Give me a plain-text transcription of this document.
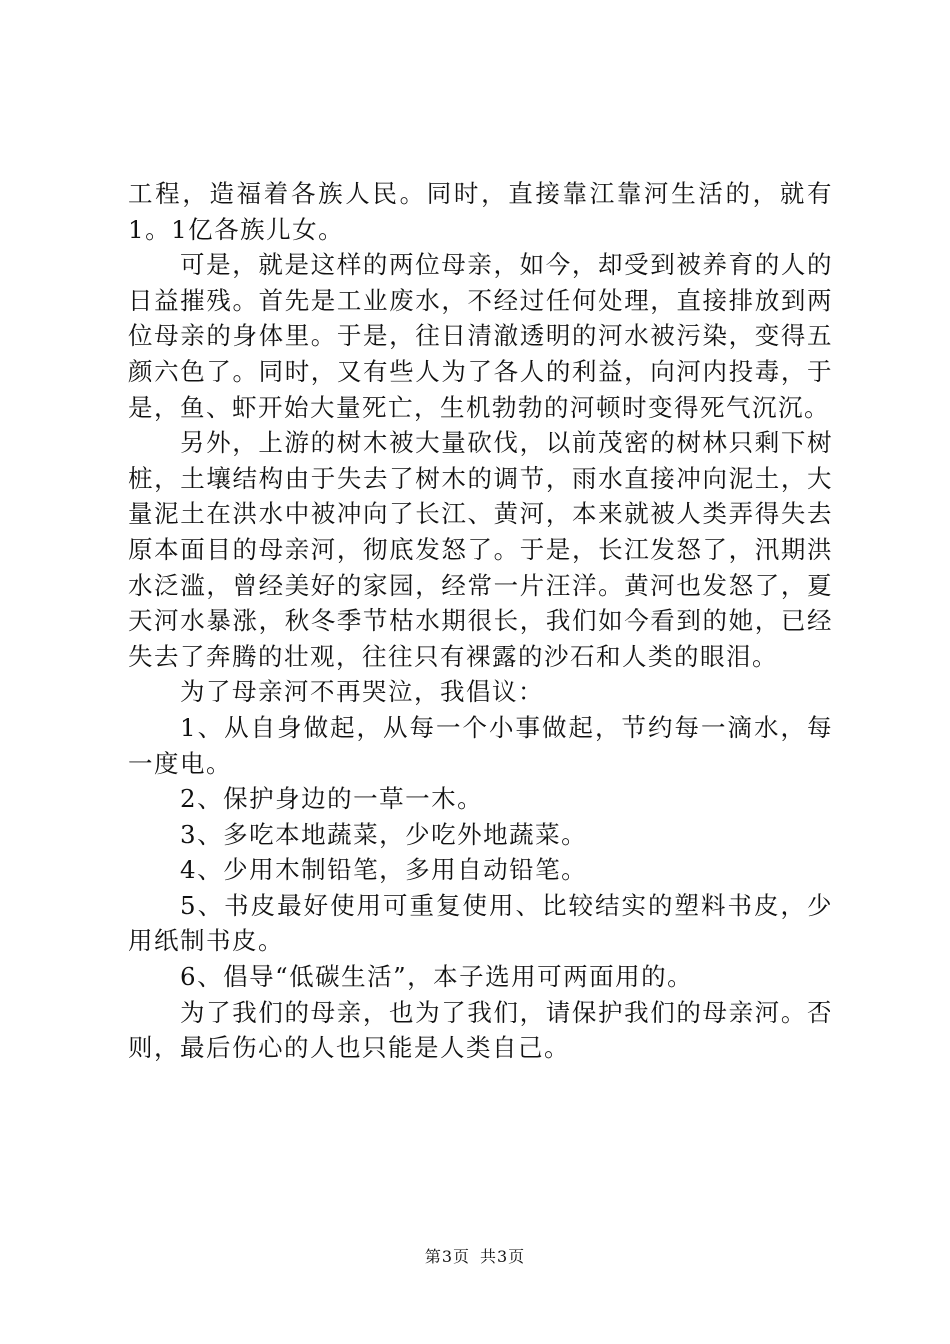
工程，造福着各族人民。同时，直接靠江靠河生活的，就有1。1亿各族儿女。

可是，就是这样的两位母亲，如今，却受到被养育的人的日益摧残。首先是工业废水，不经过任何处理，直接排放到两位母亲的身体里。于是，往日清澈透明的河水被污染，变得五颜六色了。同时，又有些人为了各人的利益，向河内投毒，于是，鱼、虾开始大量死亡，生机勃勃的河顿时变得死气沉沉。

另外，上游的树木被大量砍伐，以前茂密的树林只剩下树桩，土壤结构由于失去了树木的调节，雨水直接冲向泥土，大量泥土在洪水中被冲向了长江、黄河，本来就被人类弄得失去原本面目的母亲河，彻底发怒了。于是，长江发怒了，汛期洪水泛滥，曾经美好的家园，经常一片汪洋。黄河也发怒了，夏天河水暴涨，秋冬季节枯水期很长，我们如今看到的她，已经失去了奔腾的壮观，往往只有裸露的沙石和人类的眼泪。

为了母亲河不再哭泣，我倡议：

1、从自身做起，从每一个小事做起，节约每一滴水，每一度电。

2、保护身边的一草一木。

3、多吃本地蔬菜，少吃外地蔬菜。

4、少用木制铅笔，多用自动铅笔。

5、书皮最好使用可重复使用、比较结实的塑料书皮，少用纸制书皮。

6、倡导“低碳生活”，本子选用可两面用的。

为了我们的母亲，也为了我们，请保护我们的母亲河。否则，最后伤心的人也只能是人类自己。

第3页 共3页
